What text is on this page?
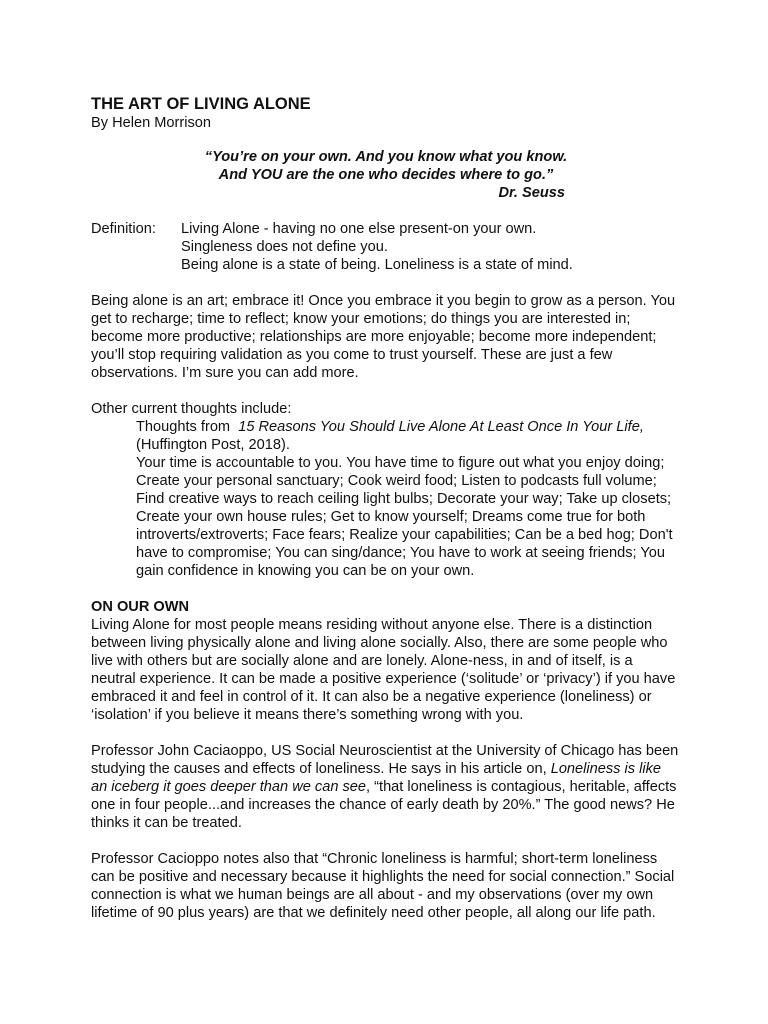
THE ART OF LIVING ALONE
By Helen Morrison
“You’re on your own. And you know what you know.
And YOU are the one who decides where to go.”
Dr. Seuss
Definition:	Living Alone - having no one else present-on your own.
Singleness does not define you.
Being alone is a state of being. Loneliness is a state of mind.

Being alone is an art; embrace it! Once you embrace it you begin to grow as a person. You get to recharge; time to reflect; know your emotions; do things you are interested in; become more productive; relationships are more enjoyable; become more independent; you’ll stop requiring validation as you come to trust yourself. These are just a few observations. I’m sure you can add more.

Other current thoughts include:
Thoughts from  15 Reasons You Should Live Alone At Least Once In Your Life,
(Huffington Post, 2018).
Your time is accountable to you. You have time to figure out what you enjoy doing; Create your personal sanctuary; Cook weird food; Listen to podcasts full volume; Find creative ways to reach ceiling light bulbs; Decorate your way; Take up closets; Create your own house rules; Get to know yourself; Dreams come true for both introverts/extroverts; Face fears; Realize your capabilities; Can be a bed hog; Don't have to compromise; You can sing/dance; You have to work at seeing friends; You gain confidence in knowing you can be on your own.
ON OUR OWN

Living Alone for most people means residing without anyone else. There is a distinction between living physically alone and living alone socially. Also, there are some people who live with others but are socially alone and are lonely. Alone-ness, in and of itself, is a neutral experience. It can be made a positive experience (‘solitude’ or ‘privacy’) if you have embraced it and feel in control of it. It can also be a negative experience (loneliness) or ‘isolation’ if you believe it means there’s something wrong with you.

Professor John Caciaoppo, US Social Neuroscientist at the University of Chicago has been studying the causes and effects of loneliness. He says in his article on, Loneliness is like an iceberg it goes deeper than we can see, “that loneliness is contagious, heritable, affects one in four people...and increases the chance of early death by 20%.” The good news? He thinks it can be treated.

Professor Cacioppo notes also that “Chronic loneliness is harmful; short-term loneliness can be positive and necessary because it highlights the need for social connection.” Social connection is what we human beings are all about - and my observations (over my own lifetime of 90 plus years) are that we definitely need other people, all along our life path.
